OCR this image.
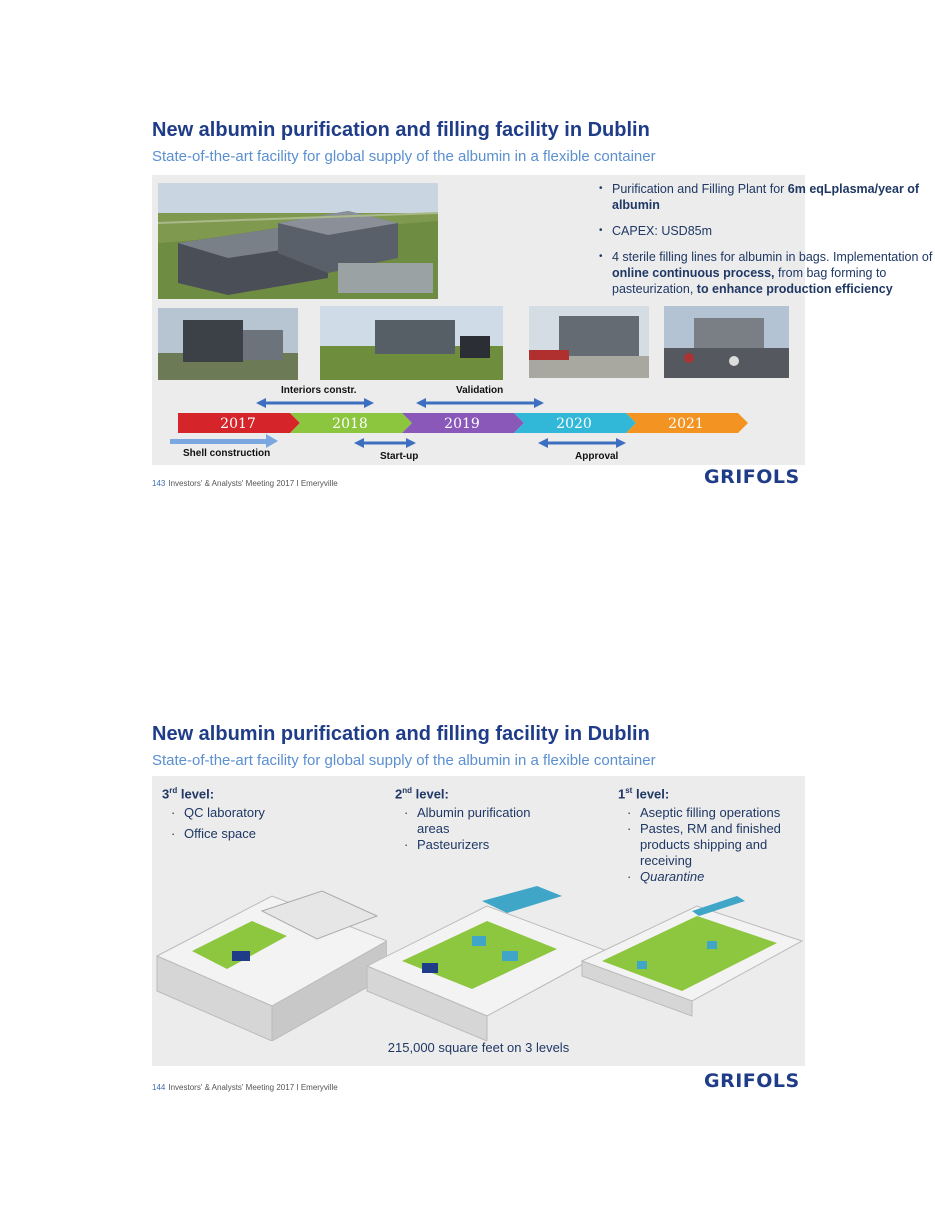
New albumin purification and filling facility in Dublin
State-of-the-art facility for global supply of the albumin in a flexible container
• Purification and Filling Plant for 6m eqLplasma/year of albumin
• CAPEX: USD85m
• 4 sterile filling lines for albumin in bags. Implementation of online continuous process, from bag forming to pasteurization, to enhance production efficiency
2017	2018	2019	2020	2021
Interiors constr.	Validation
Shell construction	Start-up	Approval
143 Investors' & Analysts' Meeting 2017 I Emeryville	GRIFOLS
New albumin purification and filling facility in Dublin
State-of-the-art facility for global supply of the albumin in a flexible container
3rd level:
· QC laboratory
· Office space
2nd level:
· Albumin purification areas
· Pasteurizers
1st level:
· Aseptic filling operations
· Pastes, RM and finished products shipping and receiving
· Quarantine
215,000 square feet on 3 levels
144 Investors' & Analysts' Meeting 2017 I Emeryville	GRIFOLS
